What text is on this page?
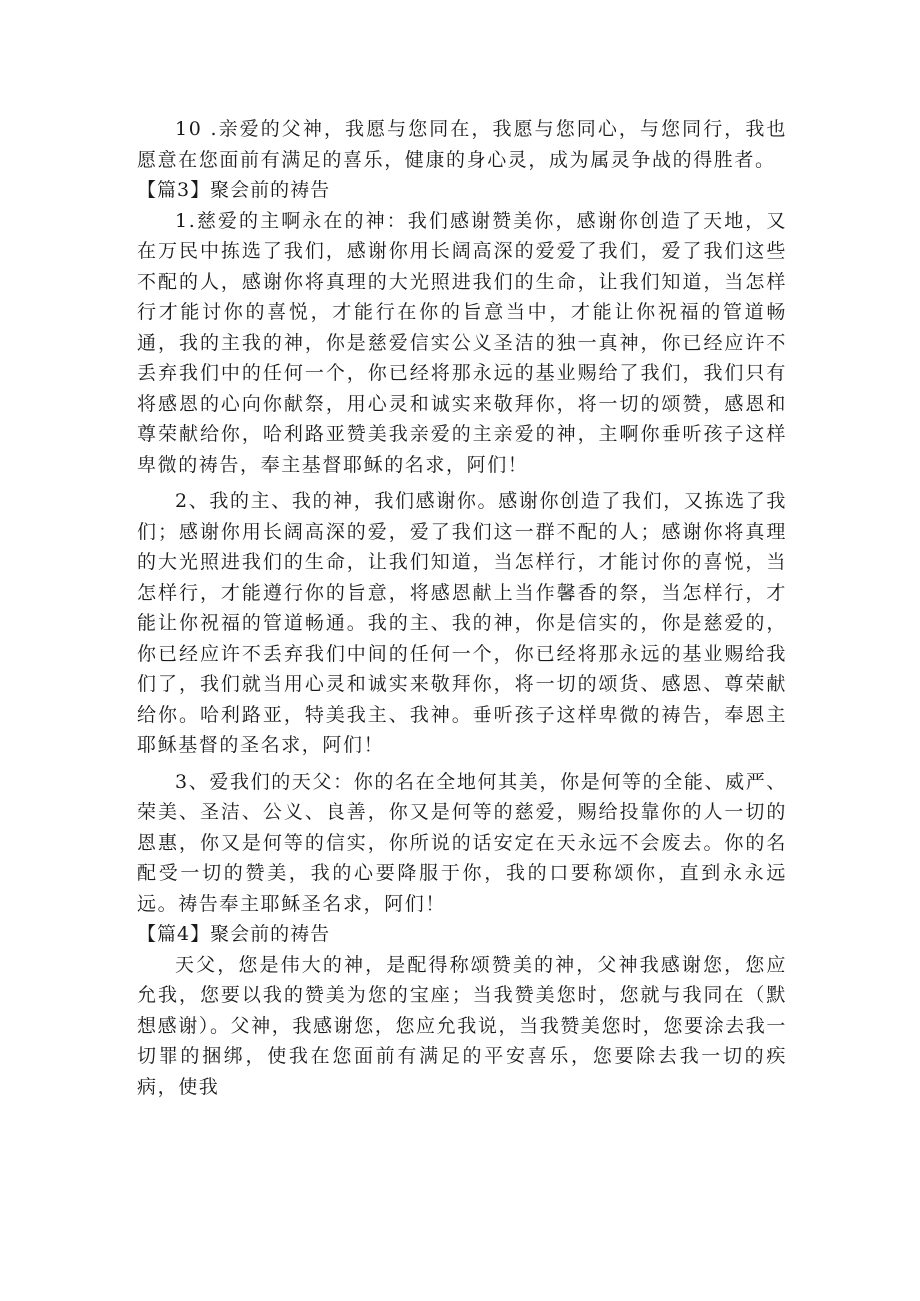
10 .亲爱的父神，我愿与您同在，我愿与您同心，与您同行，我也愿意在您面前有满足的喜乐，健康的身心灵，成为属灵争战的得胜者。

【篇3】聚会前的祷告

1.慈爱的主啊永在的神：我们感谢赞美你，感谢你创造了天地，又在万民中拣选了我们，感谢你用长阔高深的爱爱了我们，爱了我们这些不配的人，感谢你将真理的大光照进我们的生命，让我们知道，当怎样行才能讨你的喜悦，才能行在你的旨意当中，才能让你祝福的管道畅通，我的主我的神，你是慈爱信实公义圣洁的独一真神，你已经应许不丢弃我们中的任何一个，你已经将那永远的基业赐给了我们，我们只有将感恩的心向你献祭，用心灵和诚实来敬拜你，将一切的颂赞，感恩和尊荣献给你，哈利路亚赞美我亲爱的主亲爱的神，主啊你垂听孩子这样卑微的祷告，奉主基督耶稣的名求，阿们！

2、我的主、我的神，我们感谢你。感谢你创造了我们，又拣选了我们；感谢你用长阔高深的爱，爱了我们这一群不配的人；感谢你将真理的大光照进我们的生命，让我们知道，当怎样行，才能讨你的喜悦，当怎样行，才能遵行你的旨意，将感恩献上当作馨香的祭，当怎样行，才能让你祝福的管道畅通。我的主、我的神，你是信实的，你是慈爱的，你已经应许不丢弃我们中间的任何一个，你已经将那永远的基业赐给我们了，我们就当用心灵和诚实来敬拜你，将一切的颂货、感恩、尊荣献给你。哈利路亚，特美我主、我神。垂听孩子这样卑微的祷告，奉恩主耶稣基督的圣名求，阿们！

3、爱我们的天父：你的名在全地何其美，你是何等的全能、威严、荣美、圣洁、公义、良善，你又是何等的慈爱，赐给投靠你的人一切的恩惠，你又是何等的信实，你所说的话安定在天永远不会废去。你的名配受一切的赞美，我的心要降服于你，我的口要称颂你，直到永永远远。祷告奉主耶稣圣名求，阿们！

【篇4】聚会前的祷告

天父，您是伟大的神，是配得称颂赞美的神，父神我感谢您，您应允我，您要以我的赞美为您的宝座；当我赞美您时，您就与我同在（默想感谢）。父神，我感谢您，您应允我说，当我赞美您时，您要涂去我一切罪的捆绑，使我在您面前有满足的平安喜乐，您要除去我一切的疾病，使我
